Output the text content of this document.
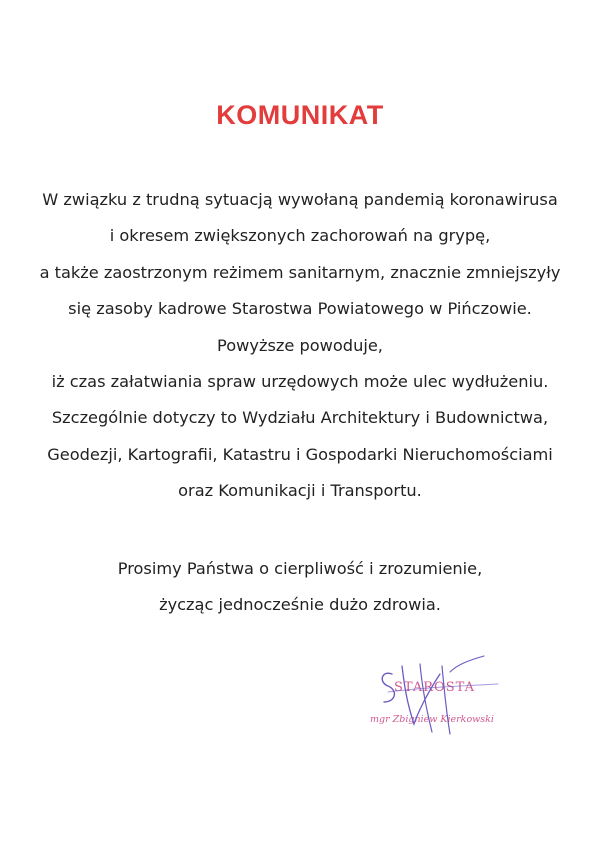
KOMUNIKAT

W związku z trudną sytuacją wywołaną pandemią koronawirusa
i okresem zwiększonych zachorowań na grypę,
a także zaostrzonym reżimem sanitarnym, znacznie zmniejszyły
się zasoby kadrowe Starostwa Powiatowego w Pińczowie.
Powyższe powoduje,
iż czas załatwiania spraw urzędowych może ulec wydłużeniu.
Szczególnie dotyczy to Wydziału Architektury i Budownictwa,
Geodezji, Kartografii, Katastru i Gospodarki Nieruchomościami
oraz Komunikacji i Transportu.

Prosimy Państwa o cierpliwość i zrozumienie,
życząc jednocześnie dużo zdrowia.

STAROSTA
mgr Zbigniew Kierkowski
